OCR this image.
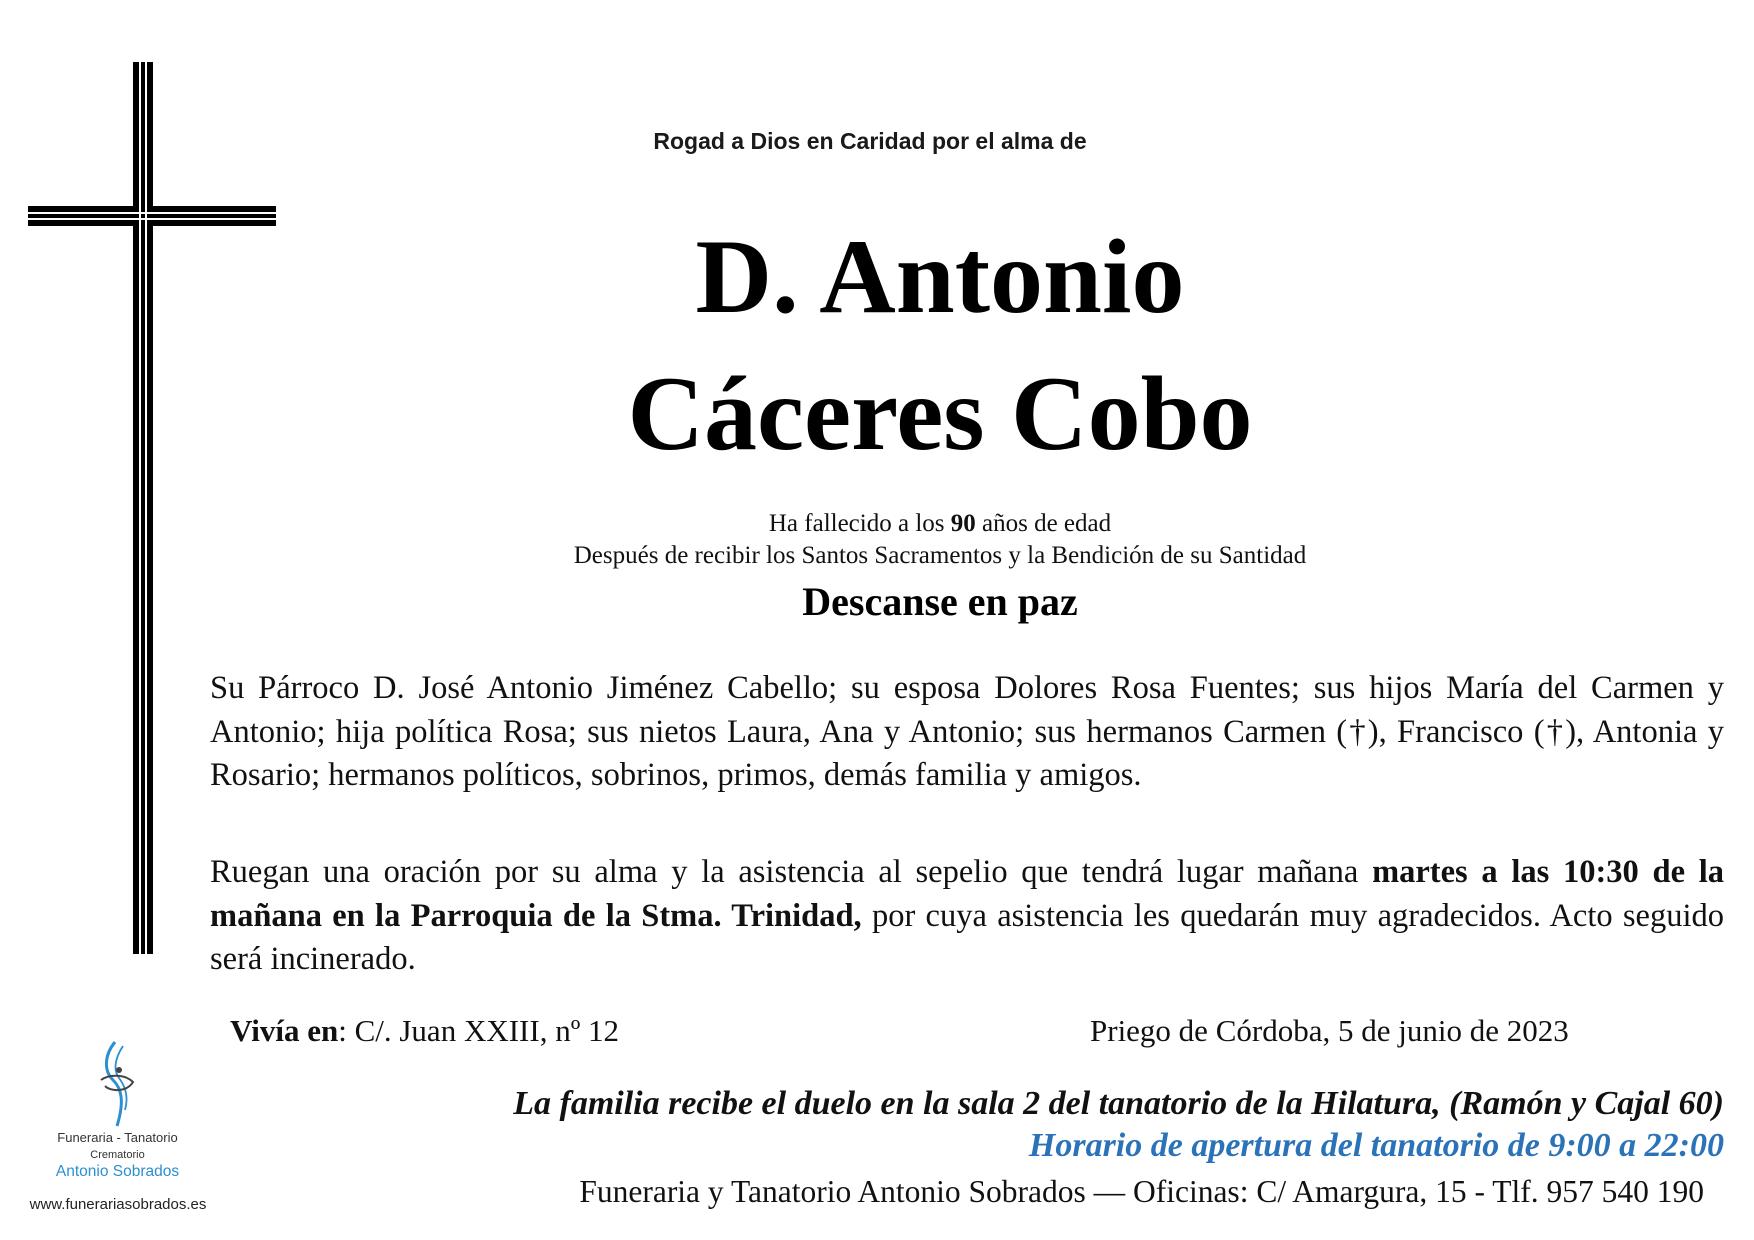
Rogad a Dios en Caridad por el alma de
D. Antonio
Cáceres Cobo
Ha fallecido a los 90 años de edad
Después de recibir los Santos Sacramentos y la Bendición de su Santidad
Descanse en paz
Su Párroco D. José Antonio Jiménez Cabello; su esposa Dolores Rosa Fuentes; sus hijos María del Carmen y Antonio; hija política Rosa; sus nietos Laura, Ana y Antonio; sus hermanos Carmen (†), Francisco (†), Antonia y Rosario; hermanos políticos, sobrinos, primos, demás familia y amigos.
Ruegan una oración por su alma y la asistencia al sepelio que tendrá lugar mañana martes a las 10:30 de la mañana en la Parroquia de la Stma. Trinidad, por cuya asistencia les quedarán muy agradecidos. Acto seguido será incinerado.
Vivía en: C/. Juan XXIII, nº 12	Priego de Córdoba, 5 de junio de 2023
La familia recibe el duelo en la sala 2 del tanatorio de la Hilatura, (Ramón y Cajal 60)
Horario de apertura del tanatorio de 9:00 a 22:00
Funeraria y Tanatorio Antonio Sobrados — Oficinas: C/ Amargura, 15 - Tlf. 957 540 190
Funeraria - Tanatorio
Crematorio
Antonio Sobrados
www.funerariasobrados.es
